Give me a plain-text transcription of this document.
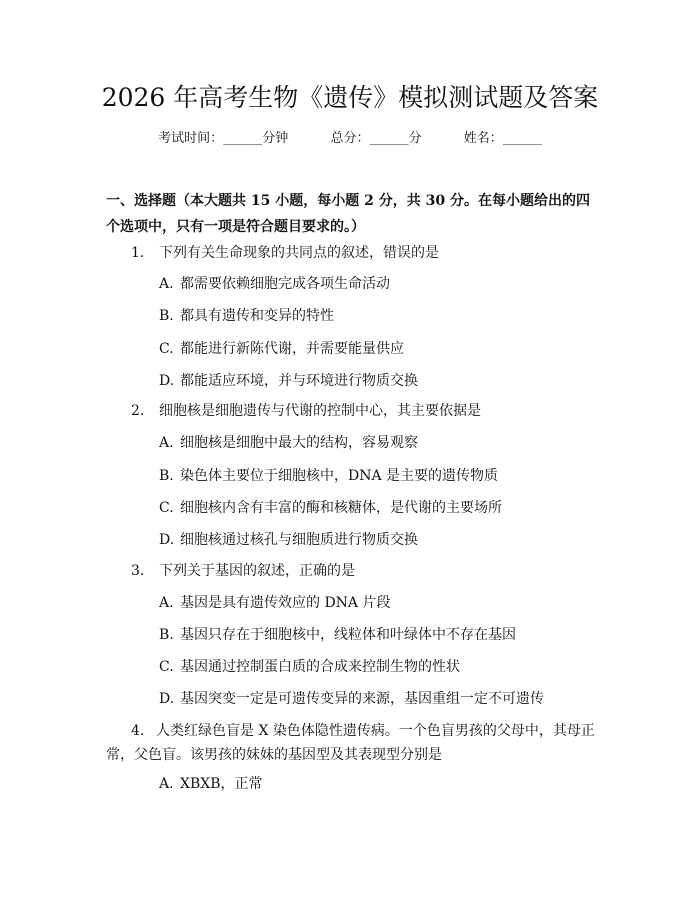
2026 年高考生物《遗传》模拟测试题及答案
考试时间：______分钟	总分：______分	姓名：______
一、选择题（本大题共 15 小题，每小题 2 分，共 30 分。在每小题给出的四个选项中，只有一项是符合题目要求的。）
1. 下列有关生命现象的共同点的叙述，错误的是
A. 都需要依赖细胞完成各项生命活动
B. 都具有遗传和变异的特性
C. 都能进行新陈代谢，并需要能量供应
D. 都能适应环境，并与环境进行物质交换
2. 细胞核是细胞遗传与代谢的控制中心，其主要依据是
A. 细胞核是细胞中最大的结构，容易观察
B. 染色体主要位于细胞核中，DNA 是主要的遗传物质
C. 细胞核内含有丰富的酶和核糖体，是代谢的主要场所
D. 细胞核通过核孔与细胞质进行物质交换
3. 下列关于基因的叙述，正确的是
A. 基因是具有遗传效应的 DNA 片段
B. 基因只存在于细胞核中，线粒体和叶绿体中不存在基因
C. 基因通过控制蛋白质的合成来控制生物的性状
D. 基因突变一定是可遗传变异的来源，基因重组一定不可遗传
4. 人类红绿色盲是 X 染色体隐性遗传病。一个色盲男孩的父母中，其母正常，父色盲。该男孩的妹妹的基因型及其表现型分别是
A. XBXB，正常
